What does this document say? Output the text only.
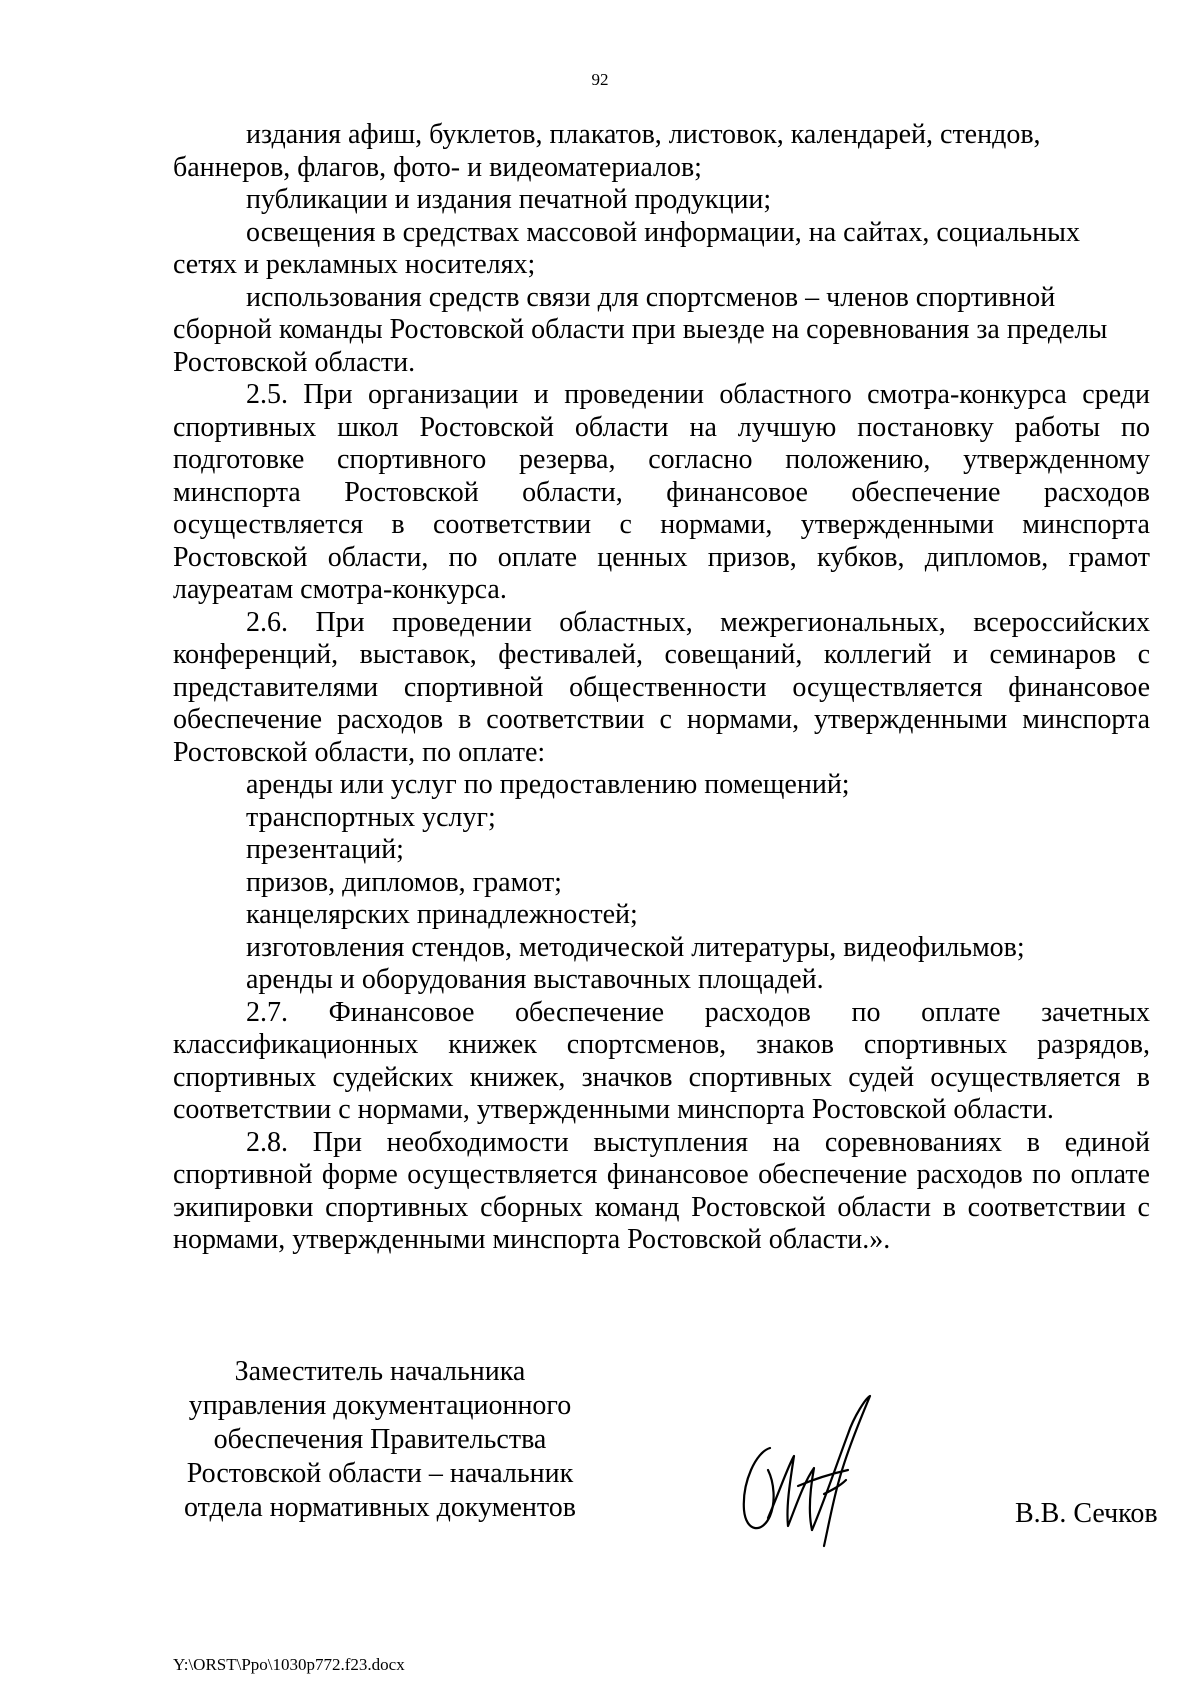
92

издания афиш, буклетов, плакатов, листовок, календарей, стендов, баннеров, флагов, фото- и видеоматериалов;

публикации и издания печатной продукции;

освещения в средствах массовой информации, на сайтах, социальных сетях и рекламных носителях;

использования средств связи для спортсменов – членов спортивной сборной команды Ростовской области при выезде на соревнования за пределы Ростовской области.

2.5. При организации и проведении областного смотра-конкурса среди спортивных школ Ростовской области на лучшую постановку работы по подготовке спортивного резерва, согласно положению, утвержденному минспорта Ростовской области, финансовое обеспечение расходов осуществляется в соответствии с нормами, утвержденными минспорта Ростовской области, по оплате ценных призов, кубков, дипломов, грамот лауреатам смотра-конкурса.

2.6. При проведении областных, межрегиональных, всероссийских конференций, выставок, фестивалей, совещаний, коллегий и семинаров с представителями спортивной общественности осуществляется финансовое обеспечение расходов в соответствии с нормами, утвержденными минспорта Ростовской области, по оплате:

аренды или услуг по предоставлению помещений;

транспортных услуг;

презентаций;

призов, дипломов, грамот;

канцелярских принадлежностей;

изготовления стендов, методической литературы, видеофильмов;

аренды и оборудования выставочных площадей.

2.7. Финансовое обеспечение расходов по оплате зачетных классификационных книжек спортсменов, знаков спортивных разрядов, спортивных судейских книжек, значков спортивных судей осуществляется в соответствии с нормами, утвержденными минспорта Ростовской области.

2.8. При необходимости выступления на соревнованиях в единой спортивной форме осуществляется финансовое обеспечение расходов по оплате экипировки спортивных сборных команд Ростовской области в соответствии с нормами, утвержденными минспорта Ростовской области.».

Заместитель начальника
управления документационного
обеспечения Правительства
Ростовской области – начальник
отдела нормативных документов	В.В. Сечков
Y:\ORST\Ppo\1030p772.f23.docx
